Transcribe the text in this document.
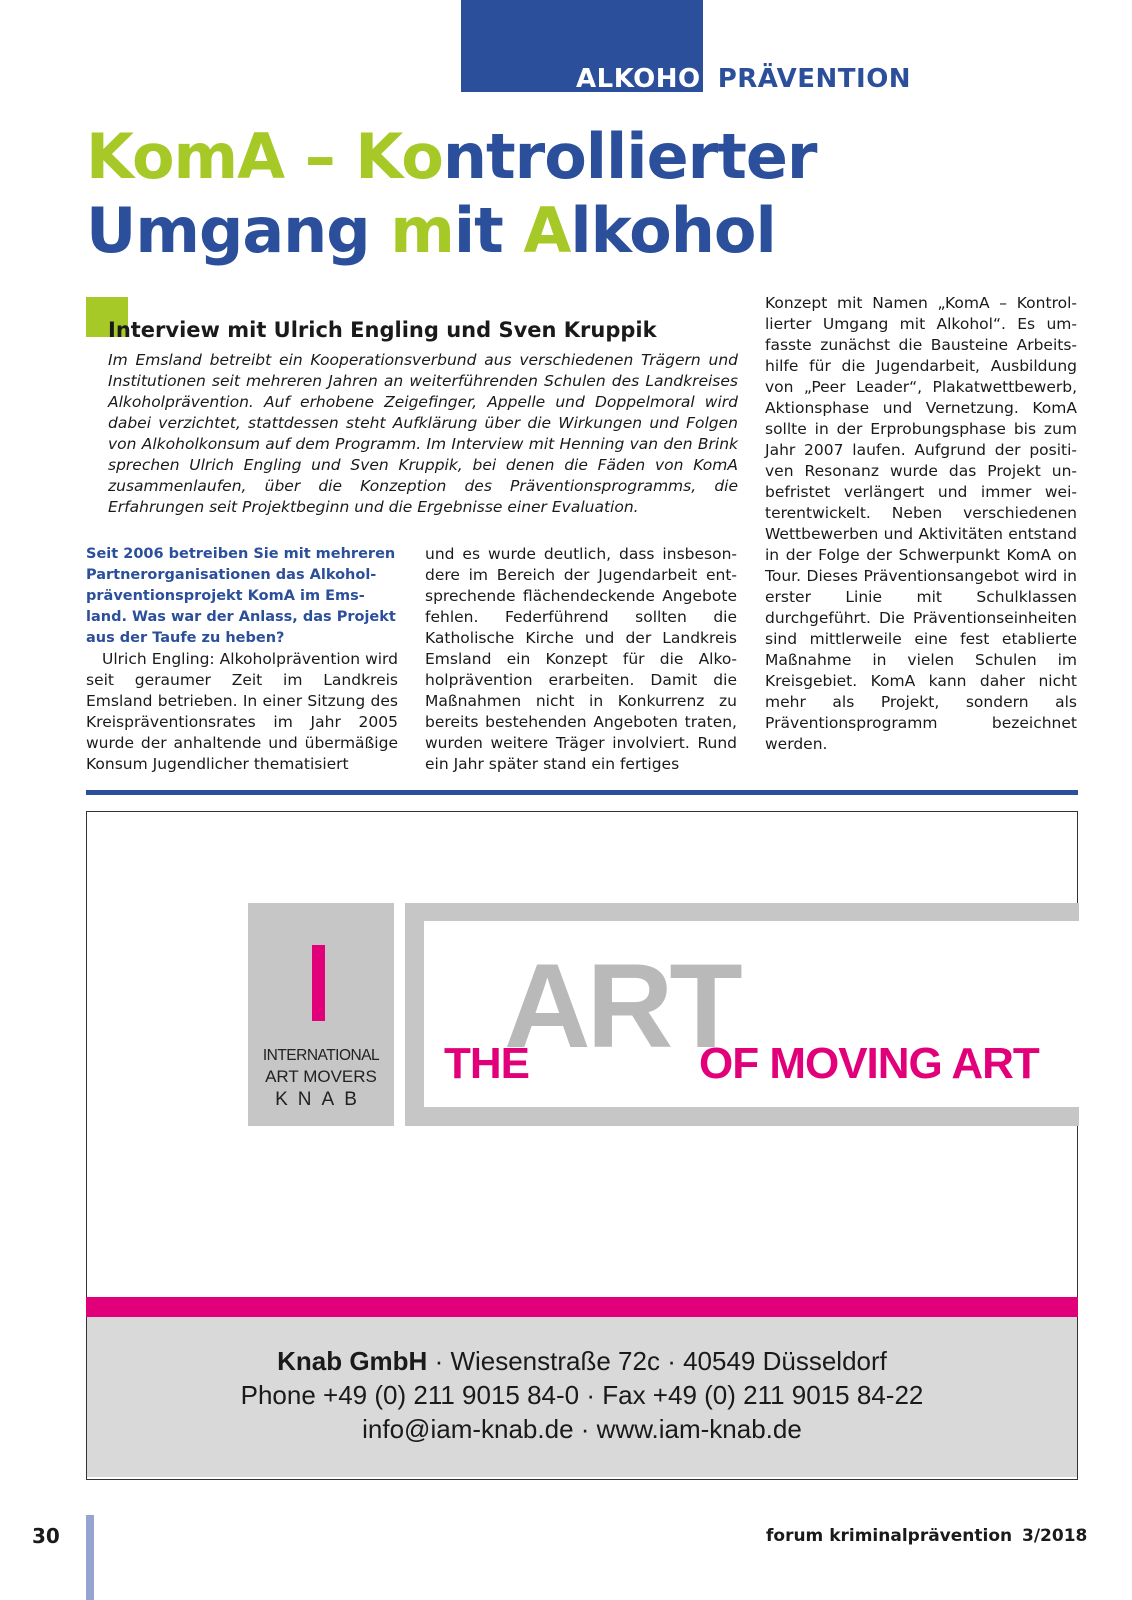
ALKOHOLPRÄVENTION
KomA – Kontrollierter
Umgang mit Alkohol
Interview mit Ulrich Engling und Sven Kruppik
Im Emsland betreibt ein Kooperationsverbund aus verschiedenen Trägern und Institutionen seit mehreren Jahren an weiterführenden Schulen des Landkreises Alkoholprävention. Auf erhobene Zeigefinger, Appelle und Doppelmoral wird dabei verzichtet, stattdessen steht Aufklärung über die Wirkungen und Folgen von Alkoholkonsum auf dem Programm. Im Interview mit Henning van den Brink sprechen Ulrich Engling und Sven Kruppik, bei denen die Fäden von KomA zusammenlaufen, über die Konzeption des Präventionsprogramms, die Erfahrungen seit Projektbeginn und die Ergebnisse einer Evaluation.
Seit 2006 betreiben Sie mit mehreren Partnerorganisationen das Alkoholpräventionsprojekt KomA im Emsland. Was war der Anlass, das Projekt aus der Taufe zu heben?
Ulrich Engling: Alkoholprävention wird seit geraumer Zeit im Landkreis Emsland betrieben. In einer Sitzung des Kreispräventionsrates im Jahr 2005 wurde der anhaltende und übermäßige Konsum Jugendlicher thematisiert
und es wurde deutlich, dass insbesondere im Bereich der Jugendarbeit entsprechende flächendeckende Angebote fehlen. Federführend sollten die Katholische Kirche und der Landkreis Emsland ein Konzept für die Alkoholprävention erarbeiten. Damit die Maßnahmen nicht in Konkurrenz zu bereits bestehenden Angeboten traten, wurden weitere Träger involviert. Rund ein Jahr später stand ein fertiges
Konzept mit Namen „KomA – Kontrollierter Umgang mit Alkohol“. Es umfasste zunächst die Bausteine Arbeitshilfe für die Jugendarbeit, Ausbildung von „Peer Leader“, Plakatwettbewerb, Aktionsphase und Vernetzung. KomA sollte in der Erprobungsphase bis zum Jahr 2007 laufen. Aufgrund der positiven Resonanz wurde das Projekt unbefristet verlängert und immer weiterentwickelt. Neben verschiedenen Wettbewerben und Aktivitäten entstand in der Folge der Schwerpunkt KomA on Tour. Dieses Präventionsangebot wird in erster Linie mit Schulklassen durchgeführt. Die Präventionseinheiten sind mittlerweile eine fest etablierte Maßnahme in vielen Schulen im Kreisgebiet. KomA kann daher nicht mehr als Projekt, sondern als Präventionsprogramm bezeichnet werden.
INTERNATIONAL
ART MOVERS
KNAB
ART
THE	OF MOVING ART
Knab GmbH · Wiesenstraße 72c · 40549 Düsseldorf
Phone +49 (0) 211 9015 84-0 · Fax +49 (0) 211 9015 84-22
info@iam-knab.de · www.iam-knab.de
30	forum kriminalprävention 3/2018
